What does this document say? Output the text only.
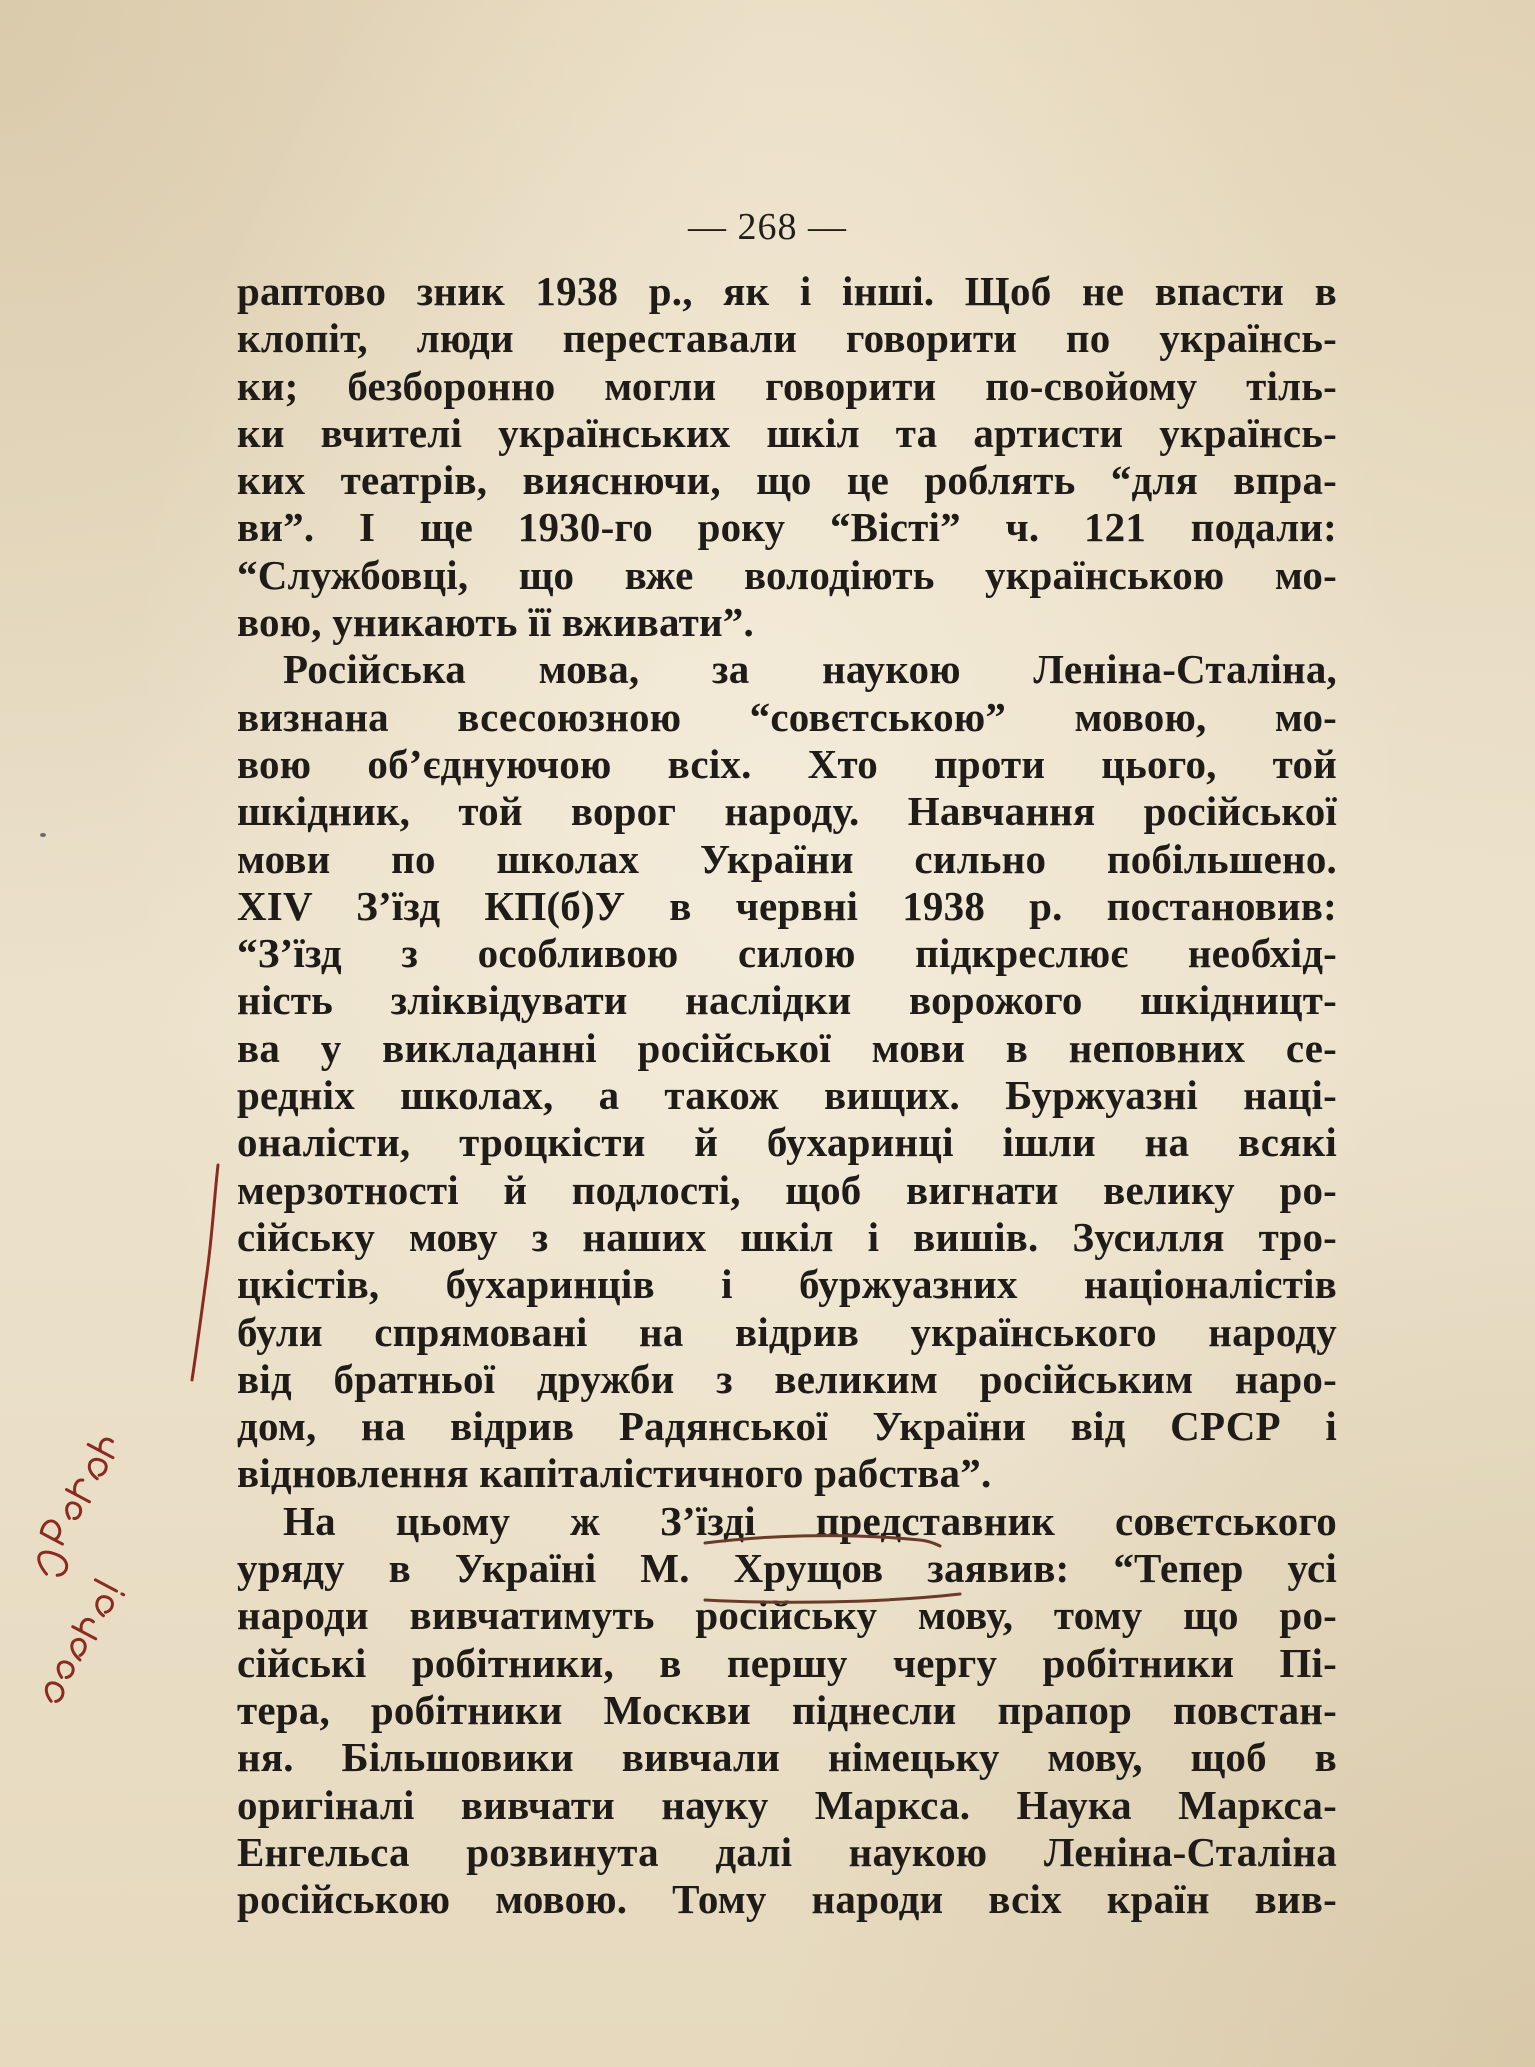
— 268 —
раптово зник 1938 р., як і інші. Щоб не впасти в
клопіт, люди переставали говорити по українсь-
ки; безборонно могли говорити по-свойому тіль-
ки вчителі українських шкіл та артисти українсь-
ких театрів, вияснючи, що це роблять “для впра-
ви”. І ще 1930-го року “Вісті” ч. 121 подали:
“Службовці, що вже володіють українською мо-
вою, уникають її вживати”.
Російська мова, за наукою Леніна-Сталіна,
визнана всесоюзною “совєтською” мовою, мо-
вою об’єднуючою всіх. Хто проти цього, той
шкідник, той ворог народу. Навчання російської
мови по школах України сильно побільшено.
XIV З’їзд КП(б)У в червні 1938 р. постановив:
“З’їзд з особливою силою підкреслює необхід-
ність зліквідувати наслідки ворожого шкідницт-
ва у викладанні російської мови в неповних се-
редніх школах, а також вищих. Буржуазні наці-
оналісти, троцкісти й бухаринці ішли на всякі
мерзотності й подлості, щоб вигнати велику ро-
сійську мову з наших шкіл і вишів. Зусилля тро-
цкістів, бухаринців і буржуазних націоналістів
були спрямовані на відрив українського народу
від братньої дружби з великим російським наро-
дом, на відрив Радянської України від СРСР і
відновлення капіталістичного рабства”.
На цьому ж З’їзді представник совєтського
уряду в Україні М. Хрущов заявив: “Тепер усі
народи вивчатимуть російську мову, тому що ро-
сійські робітники, в першу чергу робітники Пі-
тера, робітники Москви піднесли прапор повстан-
ня. Більшовики вивчали німецьку мову, щоб в
оригіналі вивчати науку Маркса. Наука Маркса-
Енгельса розвинута далі наукою Леніна-Сталіна
російською мовою. Тому народи всіх країн вив-
